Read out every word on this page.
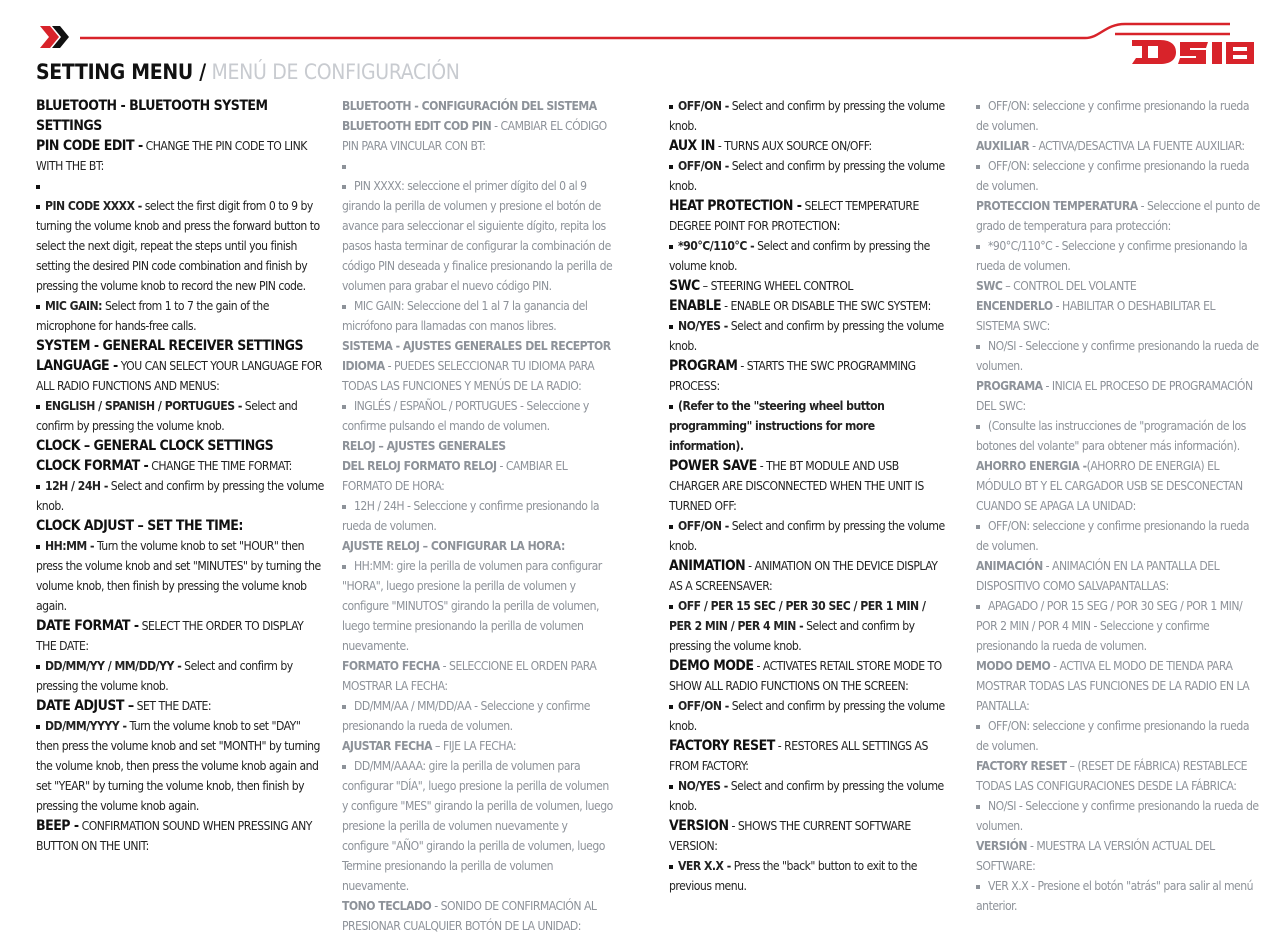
SETTING MENU / MENÚ DE CONFIGURACIÓN

BLUETOOTH - BLUETOOTH SYSTEM SETTINGS

PIN CODE EDIT - CHANGE THE PIN CODE TO LINK WITH THE BT:

PIN CODE XXXX - select the first digit from 0 to 9 by turning the volume knob and press the forward button to select the next digit, repeat the steps until you finish setting the desired PIN code combination and finish by pressing the volume knob to record the new PIN code.

MIC GAIN: Select from 1 to 7 the gain of the microphone for hands-free calls.

SYSTEM - GENERAL RECEIVER SETTINGS

LANGUAGE - YOU CAN SELECT YOUR LANGUAGE FOR ALL RADIO FUNCTIONS AND MENUS:

ENGLISH / SPANISH / PORTUGUES - Select and confirm by pressing the volume knob.

CLOCK – GENERAL CLOCK SETTINGS

CLOCK FORMAT - CHANGE THE TIME FORMAT:

12H / 24H - Select and confirm by pressing the volume knob.

CLOCK ADJUST – SET THE TIME:

HH:MM - Turn the volume knob to set "HOUR" then press the volume knob and set "MINUTES" by turning the volume knob, then finish by pressing the volume knob again.

DATE FORMAT - SELECT THE ORDER TO DISPLAY THE DATE:

DD/MM/YY / MM/DD/YY - Select and confirm by pressing the volume knob.

DATE ADJUST – SET THE DATE:

DD/MM/YYYY - Turn the volume knob to set "DAY" then press the volume knob and set "MONTH" by turning the volume knob, then press the volume knob again and set "YEAR" by turning the volume knob, then finish by pressing the volume knob again.

BEEP - CONFIRMATION SOUND WHEN PRESSING ANY BUTTON ON THE UNIT:

BLUETOOTH - CONFIGURACIÓN DEL SISTEMA

BLUETOOTH EDIT COD PIN - CAMBIAR EL CÓDIGO PIN PARA VINCULAR CON BT:

PIN XXXX: seleccione el primer dígito del 0 al 9 girando la perilla de volumen y presione el botón de avance para seleccionar el siguiente dígito, repita los pasos hasta terminar de configurar la combinación de código PIN deseada y finalice presionando la perilla de volumen para grabar el nuevo código PIN.

MIC GAIN: Seleccione del 1 al 7 la ganancia del micrófono para llamadas con manos libres.

SISTEMA - AJUSTES GENERALES DEL RECEPTOR

IDIOMA - PUEDES SELECCIONAR TU IDIOMA PARA TODAS LAS FUNCIONES Y MENÚS DE LA RADIO:

INGLÉS / ESPAÑOL / PORTUGUES - Seleccione y confirme pulsando el mando de volumen.

RELOJ – AJUSTES GENERALES

DEL RELOJ FORMATO RELOJ - CAMBIAR EL FORMATO DE HORA:

12H / 24H - Seleccione y confirme presionando la rueda de volumen.

AJUSTE RELOJ – CONFIGURAR LA HORA:

HH:MM: gire la perilla de volumen para configurar "HORA", luego presione la perilla de volumen y configure "MINUTOS" girando la perilla de volumen, luego termine presionando la perilla de volumen nuevamente.

FORMATO FECHA - SELECCIONE EL ORDEN PARA MOSTRAR LA FECHA:

DD/MM/AA / MM/DD/AA - Seleccione y confirme presionando la rueda de volumen.

AJUSTAR FECHA – FIJE LA FECHA:

DD/MM/AAAA: gire la perilla de volumen para configurar "DÍA", luego presione la perilla de volumen y configure "MES" girando la perilla de volumen, luego presione la perilla de volumen nuevamente y configure "AÑO" girando la perilla de volumen, luego Termine presionando la perilla de volumen nuevamente.

TONO TECLADO - SONIDO DE CONFIRMACIÓN AL PRESIONAR CUALQUIER BOTÓN DE LA UNIDAD:

OFF/ON - Select and confirm by pressing the volume knob.

AUX IN - TURNS AUX SOURCE ON/OFF:

OFF/ON - Select and confirm by pressing the volume knob.

HEAT PROTECTION - SELECT TEMPERATURE DEGREE POINT FOR PROTECTION:

*90°C/110°C - Select and confirm by pressing the volume knob.

SWC – STEERING WHEEL CONTROL

ENABLE - ENABLE OR DISABLE THE SWC SYSTEM:

NO/YES - Select and confirm by pressing the volume knob.

PROGRAM - STARTS THE SWC PROGRAMMING PROCESS:

(Refer to the "steering wheel button programming" instructions for more information).

POWER SAVE - THE BT MODULE AND USB CHARGER ARE DISCONNECTED WHEN THE UNIT IS TURNED OFF:

OFF/ON - Select and confirm by pressing the volume knob.

ANIMATION - ANIMATION ON THE DEVICE DISPLAY AS A SCREENSAVER:

OFF / PER 15 SEC / PER 30 SEC / PER 1 MIN / PER 2 MIN / PER 4 MIN - Select and confirm by pressing the volume knob.

DEMO MODE - ACTIVATES RETAIL STORE MODE TO SHOW ALL RADIO FUNCTIONS ON THE SCREEN:

OFF/ON - Select and confirm by pressing the volume knob.

FACTORY RESET - RESTORES ALL SETTINGS AS FROM FACTORY:

NO/YES - Select and confirm by pressing the volume knob.

VERSION - SHOWS THE CURRENT SOFTWARE VERSION:

VER X.X - Press the "back" button to exit to the previous menu.

OFF/ON: seleccione y confirme presionando la rueda de volumen.

AUXILIAR - ACTIVA/DESACTIVA LA FUENTE AUXILIAR:

OFF/ON: seleccione y confirme presionando la rueda de volumen.

PROTECCION TEMPERATURA - Seleccione el punto de grado de temperatura para protección:

*90°C/110°C - Seleccione y confirme presionando la rueda de volumen.

SWC – CONTROL DEL VOLANTE

ENCENDERLO - HABILITAR O DESHABILITAR EL SISTEMA SWC:

NO/SI - Seleccione y confirme presionando la rueda de volumen.

PROGRAMA - INICIA EL PROCESO DE PROGRAMACIÓN DEL SWC:

(Consulte las instrucciones de "programación de los botones del volante" para obtener más información).

AHORRO ENERGIA -(AHORRO DE ENERGIA) EL MÓDULO BT Y EL CARGADOR USB SE DESCONECTAN CUANDO SE APAGA LA UNIDAD:

OFF/ON: seleccione y confirme presionando la rueda de volumen.

ANIMACIÓN - ANIMACIÓN EN LA PANTALLA DEL DISPOSITIVO COMO SALVAPANTALLAS:

APAGADO / POR 15 SEG / POR 30 SEG / POR 1 MIN/ POR 2 MIN / POR 4 MIN - Seleccione y confirme presionando la rueda de volumen.

MODO DEMO - ACTIVA EL MODO DE TIENDA PARA MOSTRAR TODAS LAS FUNCIONES DE LA RADIO EN LA PANTALLA:

OFF/ON: seleccione y confirme presionando la rueda de volumen.

FACTORY RESET – (RESET DE FÁBRICA) RESTABLECE TODAS LAS CONFIGURACIONES DESDE LA FÁBRICA:

NO/SI - Seleccione y confirme presionando la rueda de volumen.

VERSIÓN - MUESTRA LA VERSIÓN ACTUAL DEL SOFTWARE:

VER X.X - Presione el botón "atrás" para salir al menú anterior.
